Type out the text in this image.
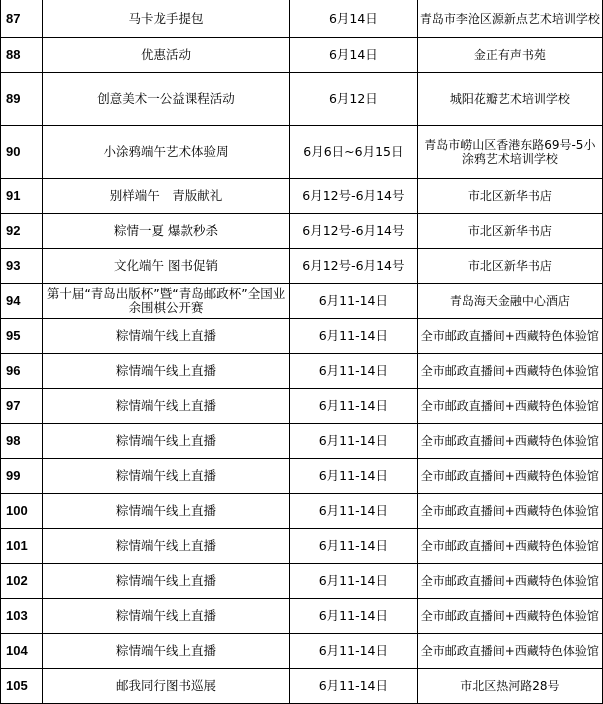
87	马卡龙手提包	6月14日	青岛市李沧区源新点艺术培训学校
88	优惠活动	6月14日	金正有声书苑
89	创意美术一公益课程活动	6月12日	城阳花瓣艺术培训学校
90	小涂鸦端午艺术体验周	6月6日~6月15日	青岛市崂山区香港东路69号-5小涂鸦艺术培训学校
91	别样端午　青版献礼	6月12号-6月14号	市北区新华书店
92	粽情一夏 爆款秒杀	6月12号-6月14号	市北区新华书店
93	文化端午 图书促销	6月12号-6月14号	市北区新华书店
94	第十届“青岛出版杯”暨“青岛邮政杯”全国业余围棋公开赛	6月11-14日	青岛海天金融中心酒店
95	粽情端午线上直播	6月11-14日	全市邮政直播间+西藏特色体验馆
96	粽情端午线上直播	6月11-14日	全市邮政直播间+西藏特色体验馆
97	粽情端午线上直播	6月11-14日	全市邮政直播间+西藏特色体验馆
98	粽情端午线上直播	6月11-14日	全市邮政直播间+西藏特色体验馆
99	粽情端午线上直播	6月11-14日	全市邮政直播间+西藏特色体验馆
100	粽情端午线上直播	6月11-14日	全市邮政直播间+西藏特色体验馆
101	粽情端午线上直播	6月11-14日	全市邮政直播间+西藏特色体验馆
102	粽情端午线上直播	6月11-14日	全市邮政直播间+西藏特色体验馆
103	粽情端午线上直播	6月11-14日	全市邮政直播间+西藏特色体验馆
104	粽情端午线上直播	6月11-14日	全市邮政直播间+西藏特色体验馆
105	邮我同行图书巡展	6月11-14日	市北区热河路28号
